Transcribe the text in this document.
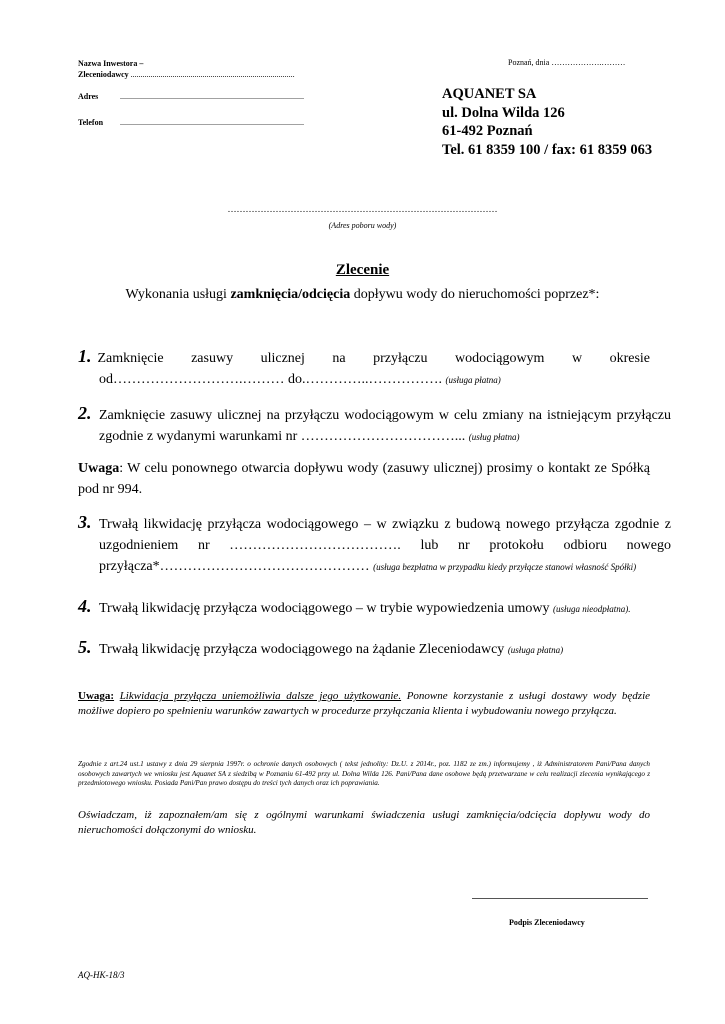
Nazwa Inwestora –
Zleceniodawcy ..................................................................................
Adres	............................................................................................
Telefon ............................................................................................
Poznań, dnia ……………….………
AQUANET SA
ul. Dolna Wilda 126
61-492 Poznań
Tel. 61 8359 100 / fax: 61 8359 063
………………………………………………………………………………
(Adres poboru wody)
Zlecenie
Wykonania usługi zamknięcia/odcięcia dopływu wody do nieruchomości poprzez*:
1. Zamknięcie zasuwy ulicznej na przyłączu wodociągowym w okresie
od……………………….……… do.…………..……………. (usługa płatna)
2. Zamknięcie zasuwy ulicznej na przyłączu wodociągowym w celu zmiany na istniejącym przyłączu zgodnie z wydanymi warunkami nr ……………………………... (usług płatna)
Uwaga: W celu ponownego otwarcia dopływu wody (zasuwy ulicznej) prosimy o kontakt ze Spółką pod nr 994.
3. Trwałą likwidację przyłącza wodociągowego – w związku z budową nowego przyłącza zgodnie z uzgodnieniem nr ………………………………. lub nr protokołu odbioru nowego przyłącza*……………………………………… (usługa bezpłatna w przypadku kiedy przyłącze stanowi własność Spółki)
4. Trwałą likwidację przyłącza wodociągowego – w trybie wypowiedzenia umowy (usługa nieodpłatna).
5. Trwałą likwidację przyłącza wodociągowego na żądanie Zleceniodawcy (usługa płatna)
Uwaga: Likwidacja przyłącza uniemożliwia dalsze jego użytkowanie. Ponowne korzystanie z usługi dostawy wody będzie możliwe dopiero po spełnieniu warunków zawartych w procedurze przyłączania klienta i wybudowaniu nowego przyłącza.
Zgodnie z art.24 ust.1 ustawy z dnia 29 sierpnia 1997r. o ochronie danych osobowych ( tekst jednolity: Dz.U. z 2014r., poz. 1182 ze zm.) informujemy , iż Administratorem Pani/Pana danych osobowych zawartych we wniosku jest Aquanet SA z siedzibą w Poznaniu 61-492 przy ul. Dolna Wilda 126. Pani/Pana dane osobowe będą przetwarzane w celu realizacji zlecenia wynikającego z przedmiotowego wniosku. Posiada Pani/Pan prawo dostępu do treści tych danych oraz ich poprawiania.
Oświadczam, iż zapoznałem/am się z ogólnymi warunkami świadczenia usługi zamknięcia/odcięcia dopływu wody do nieruchomości dołączonymi do wniosku.
Podpis Zleceniodawcy
AQ-HK-18/3
